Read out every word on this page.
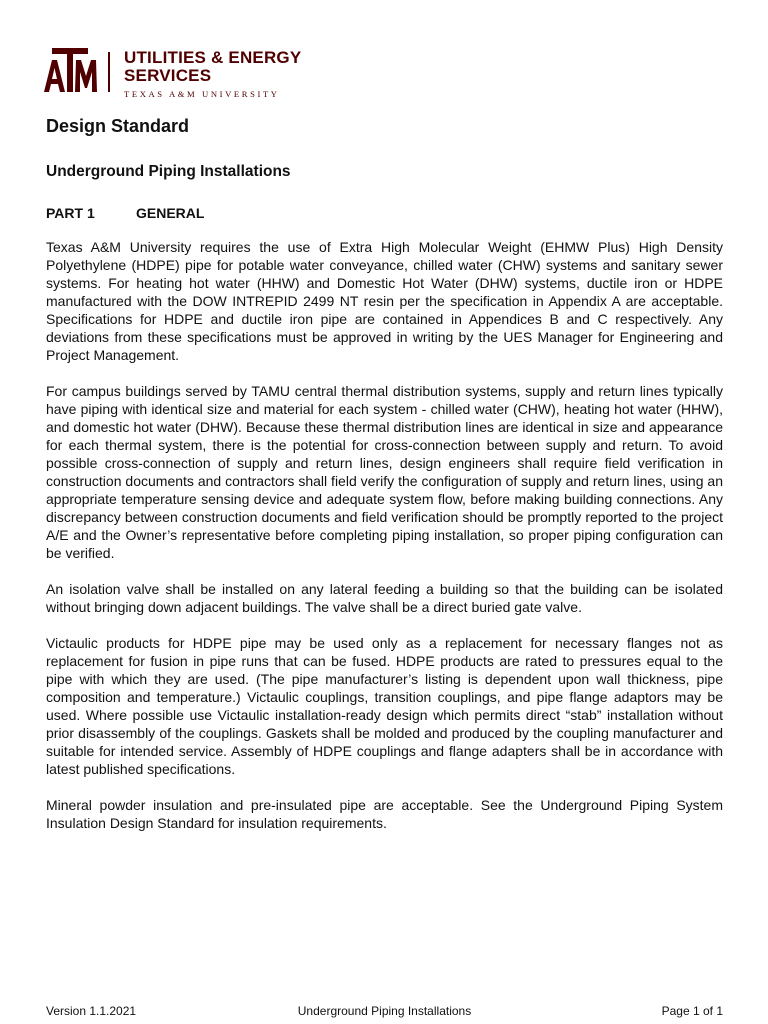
UTILITIES & ENERGY
SERVICES
TEXAS A&M UNIVERSITY
Design Standard
Underground Piping Installations
PART 1	GENERAL

Texas A&M University requires the use of Extra High Molecular Weight (EHMW Plus) High Density Polyethylene (HDPE) pipe for potable water conveyance, chilled water (CHW) systems and sanitary sewer systems. For heating hot water (HHW) and Domestic Hot Water (DHW) systems, ductile iron or HDPE manufactured with the DOW INTREPID 2499 NT resin per the specification in Appendix A are acceptable. Specifications for HDPE and ductile iron pipe are contained in Appendices B and C respectively. Any deviations from these specifications must be approved in writing by the UES Manager for Engineering and Project Management.

For campus buildings served by TAMU central thermal distribution systems, supply and return lines typically have piping with identical size and material for each system - chilled water (CHW), heating hot water (HHW), and domestic hot water (DHW). Because these thermal distribution lines are identical in size and appearance for each thermal system, there is the potential for cross-connection between supply and return. To avoid possible cross-connection of supply and return lines, design engineers shall require field verification in construction documents and contractors shall field verify the configuration of supply and return lines, using an appropriate temperature sensing device and adequate system flow, before making building connections. Any discrepancy between construction documents and field verification should be promptly reported to the project A/E and the Owner’s representative before completing piping installation, so proper piping configuration can be verified.

An isolation valve shall be installed on any lateral feeding a building so that the building can be isolated without bringing down adjacent buildings. The valve shall be a direct buried gate valve.

Victaulic products for HDPE pipe may be used only as a replacement for necessary flanges not as replacement for fusion in pipe runs that can be fused. HDPE products are rated to pressures equal to the pipe with which they are used. (The pipe manufacturer’s listing is dependent upon wall thickness, pipe composition and temperature.) Victaulic couplings, transition couplings, and pipe flange adaptors may be used. Where possible use Victaulic installation-ready design which permits direct “stab” installation without prior disassembly of the couplings. Gaskets shall be molded and produced by the coupling manufacturer and suitable for intended service. Assembly of HDPE couplings and flange adapters shall be in accordance with latest published specifications.

Mineral powder insulation and pre-insulated pipe are acceptable. See the Underground Piping System Insulation Design Standard for insulation requirements.

Version 1.1.2021	Underground Piping Installations	Page 1 of 1
